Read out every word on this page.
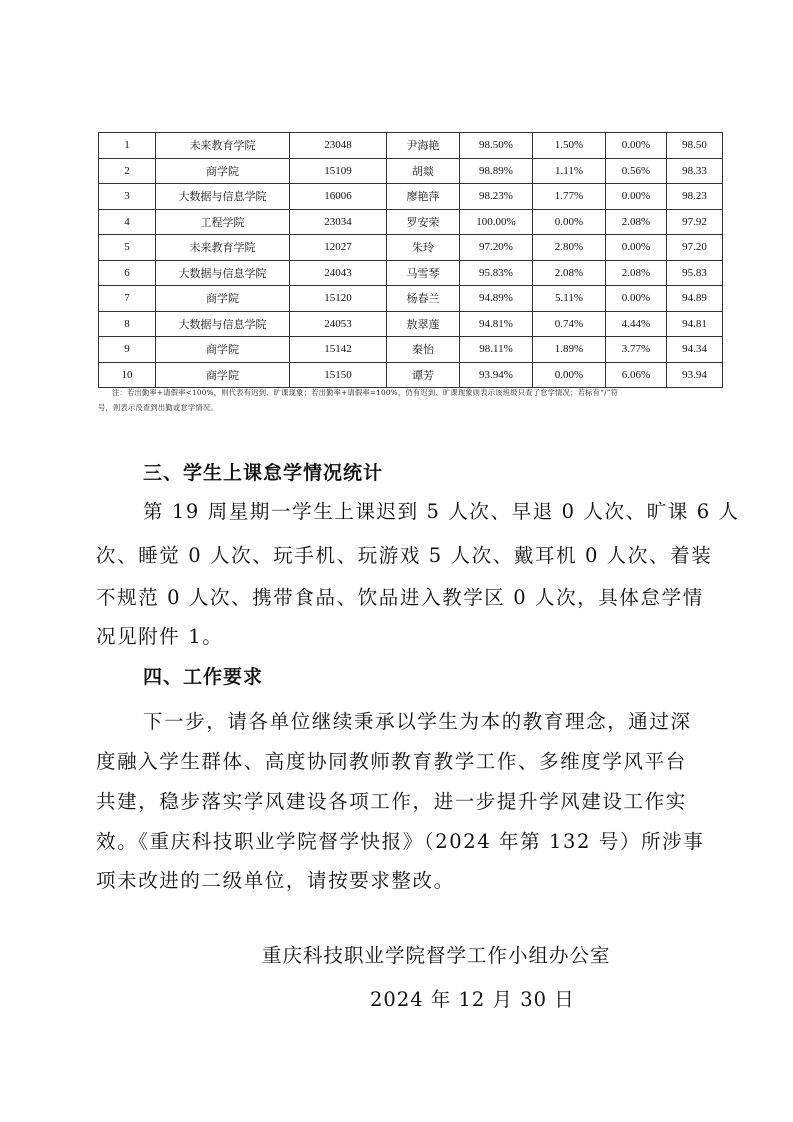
1	未来教育学院	23048	尹海艳	98.50%	1.50%	0.00%	98.50
2	商学院	15109	胡燚	98.89%	1.11%	0.56%	98.33
3	大数据与信息学院	16006	廖艳萍	98.23%	1.77%	0.00%	98.23
4	工程学院	23034	罗安荣	100.00%	0.00%	2.08%	97.92
5	未来教育学院	12027	朱玲	97.20%	2.80%	0.00%	97.20
6	大数据与信息学院	24043	马雪琴	95.83%	2.08%	2.08%	95.83
7	商学院	15120	杨春兰	94.89%	5.11%	0.00%	94.89
8	大数据与信息学院	24053	敖翠莲	94.81%	0.74%	4.44%	94.81
9	商学院	15142	秦怡	98.11%	1.89%	3.77%	94.34
10	商学院	15150	谭芳	93.94%	0.00%	6.06%	93.94
注：若出勤率+请假率<100%，则代表有迟到、旷课现象；若出勤率+请假率=100%，仍有迟到、旷课现象则表示该班级只查了怠学情况；若标有“/”符
号，则表示没查到出勤或怠学情况。
三、学生上课怠学情况统计
第 19 周星期一学生上课迟到 5 人次、早退 0 人次、旷课 6 人
次、睡觉 0 人次、玩手机、玩游戏 5 人次、戴耳机 0 人次、着装
不规范 0 人次、携带食品、饮品进入教学区 0 人次，具体怠学情
况见附件 1。
四、工作要求
下一步，请各单位继续秉承以学生为本的教育理念，通过深
度融入学生群体、高度协同教师教育教学工作、多维度学风平台
共建，稳步落实学风建设各项工作，进一步提升学风建设工作实
效。《重庆科技职业学院督学快报》（2024 年第 132 号）所涉事
项未改进的二级单位，请按要求整改。
重庆科技职业学院督学工作小组办公室
2024 年 12 月 30 日
